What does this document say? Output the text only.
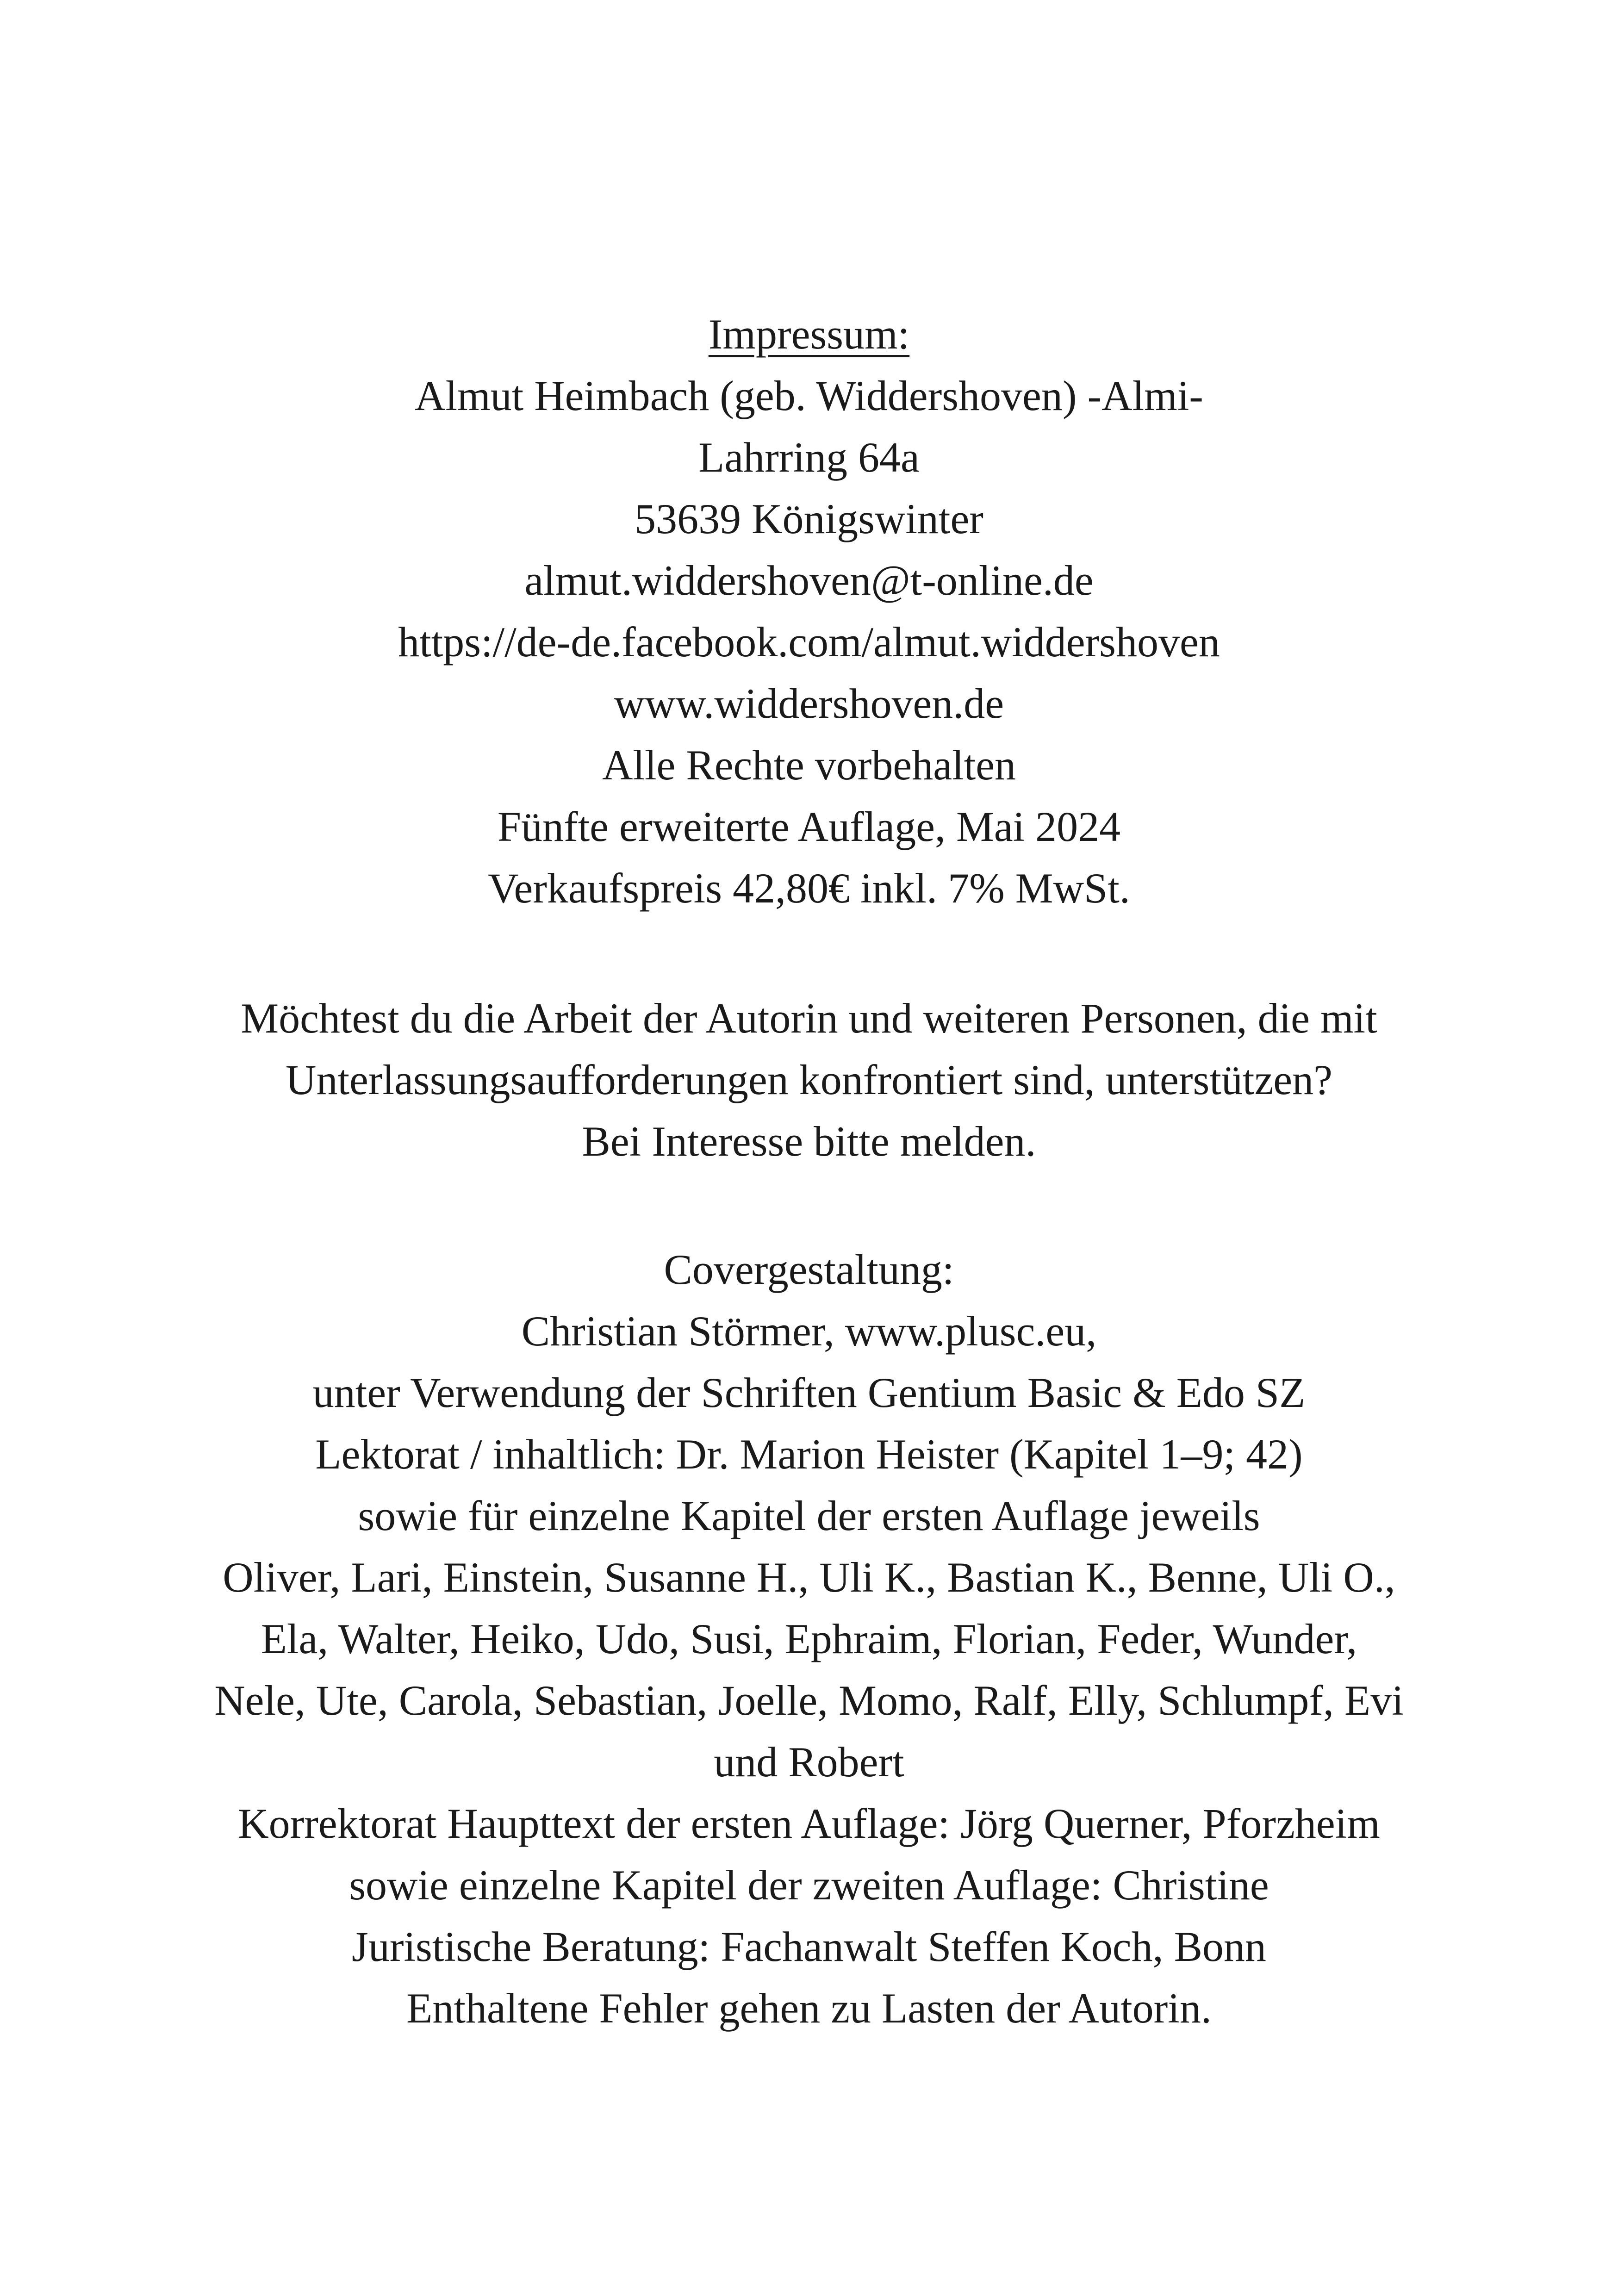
Impressum:
Almut Heimbach (geb. Widdershoven) -Almi-
Lahrring 64a
53639 Königswinter
almut.widdershoven@t-online.de
https://de-de.facebook.com/almut.widdershoven
www.widdershoven.de
Alle Rechte vorbehalten
Fünfte erweiterte Auflage, Mai 2024
Verkaufspreis 42,80€ inkl. 7% MwSt.
Möchtest du die Arbeit der Autorin und weiteren Personen, die mit
Unterlassungsaufforderungen konfrontiert sind, unterstützen?
Bei Interesse bitte melden.
Covergestaltung:
Christian Störmer, www.plusc.eu,
unter Verwendung der Schriften Gentium Basic & Edo SZ
Lektorat / inhaltlich: Dr. Marion Heister (Kapitel 1–9; 42)
sowie für einzelne Kapitel der ersten Auflage jeweils
Oliver, Lari, Einstein, Susanne H., Uli K., Bastian K., Benne, Uli O.,
Ela, Walter, Heiko, Udo, Susi, Ephraim, Florian, Feder, Wunder,
Nele, Ute, Carola, Sebastian, Joelle, Momo, Ralf, Elly, Schlumpf, Evi
und Robert
Korrektorat Haupttext der ersten Auflage: Jörg Querner, Pforzheim
sowie einzelne Kapitel der zweiten Auflage: Christine
Juristische Beratung: Fachanwalt Steffen Koch, Bonn
Enthaltene Fehler gehen zu Lasten der Autorin.
